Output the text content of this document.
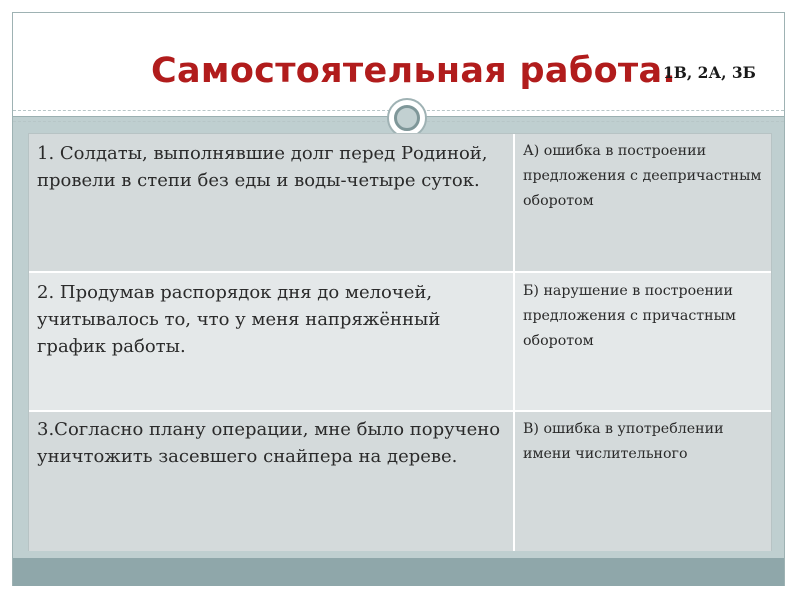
Самостоятельная работа.
1В, 2А, 3Б
1. Солдаты, выполнявшие долг перед Родиной, провели в степи без еды и воды-четыре суток.
А) ошибка в построении предложения с деепричастным оборотом
2. Продумав распорядок дня до мелочей, учитывалось то, что у меня напряжённый график работы.
Б) нарушение в построении предложения с причастным оборотом
3.Согласно плану операции, мне было поручено уничтожить засевшего снайпера на дереве.
В) ошибка в употреблении имени числительного
